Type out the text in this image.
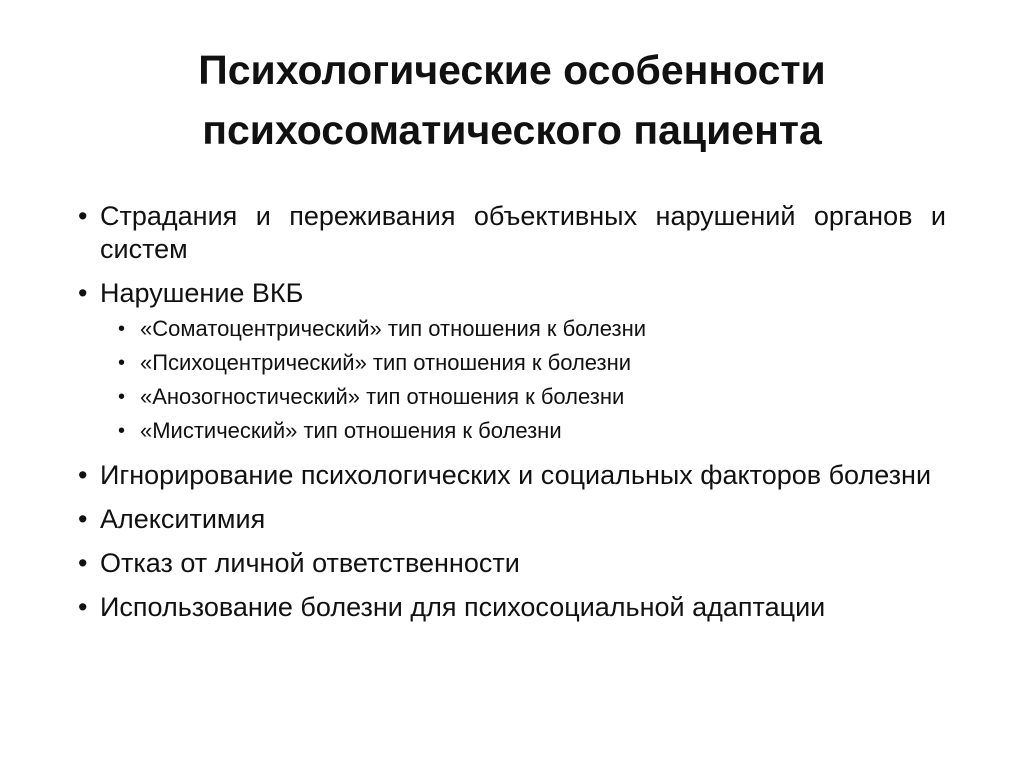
Психологические особенности
психосоматического пациента
• Страдания и переживания объективных нарушений органов и систем
• Нарушение ВКБ
• «Соматоцентрический» тип отношения к болезни
• «Психоцентрический» тип отношения к болезни
• «Анозогностический» тип отношения к болезни
• «Мистический» тип отношения к болезни
• Игнорирование психологических и социальных факторов болезни
• Алекситимия
• Отказ от личной ответственности
• Использование болезни для психосоциальной адаптации
